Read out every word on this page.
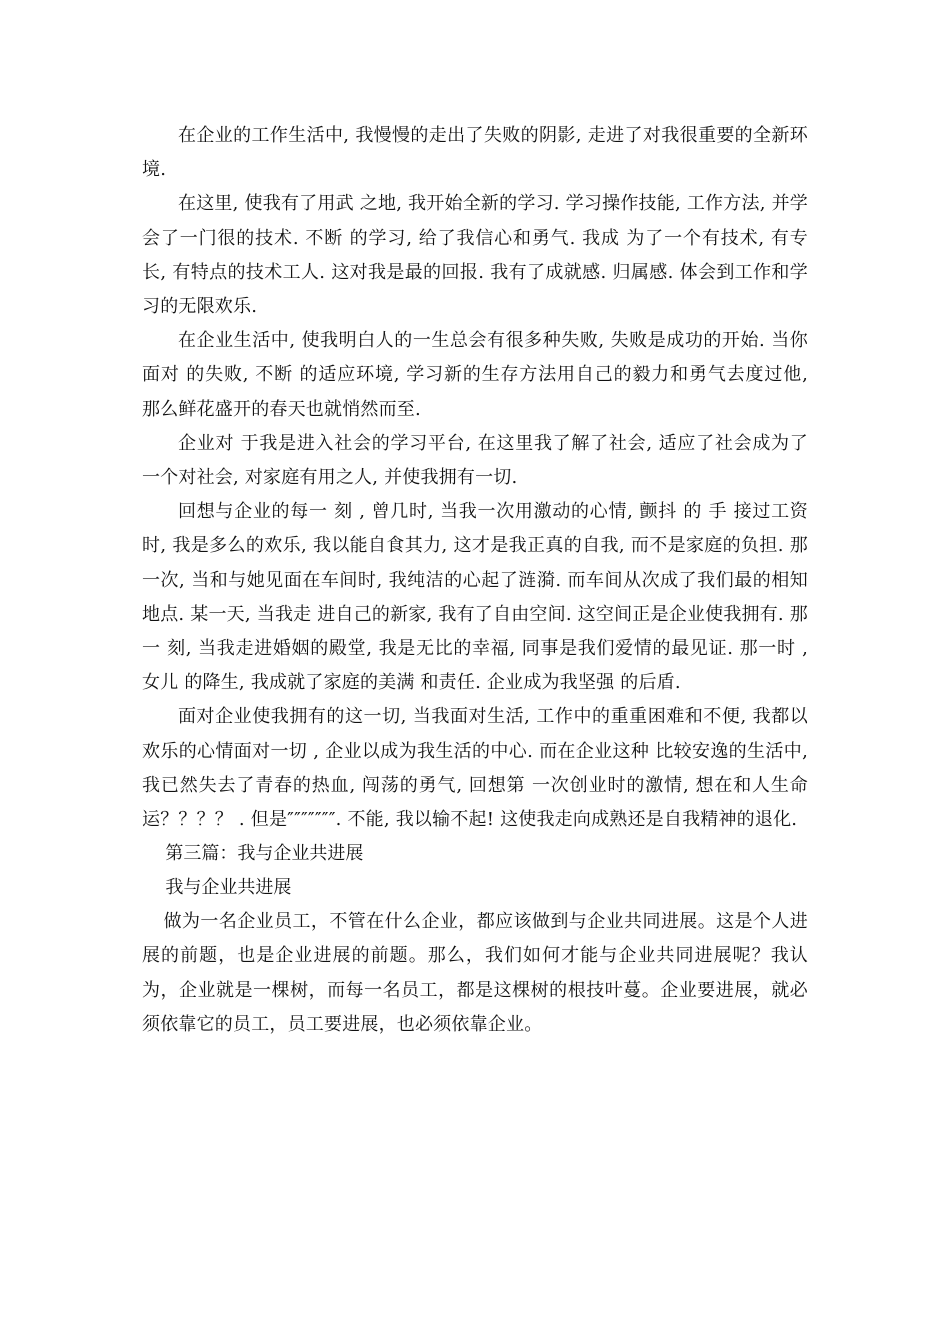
在企业的工作生活中, 我慢慢的走出了失败的阴影, 走进了对我很重要的全新环境.

在这里, 使我有了用武 之地, 我开始全新的学习. 学习操作技能, 工作方法, 并学会了一门很的技术. 不断 的学习, 给了我信心和勇气. 我成 为了一个有技术, 有专 长, 有特点的技术工人. 这对我是最的回报. 我有了成就感. 归属感. 体会到工作和学习的无限欢乐.

在企业生活中, 使我明白人的一生总会有很多种失败, 失败是成功的开始. 当你面对 的失败, 不断 的适应环境, 学习新的生存方法用自己的毅力和勇气去度过他, 那么鲜花盛开的春天也就悄然而至.

企业对 于我是进入社会的学习平台, 在这里我了解了社会, 适应了社会成为了一个对社会, 对家庭有用之人, 并使我拥有一切.

回想与企业的每一 刻 , 曾几时, 当我一次用激动的心情, 颤抖 的 手 接过工资时, 我是多么的欢乐, 我以能自食其力, 这才是我正真的自我, 而不是家庭的负担. 那一次, 当和与她见面在车间时, 我纯洁的心起了涟漪. 而车间从次成了我们最的相知地点. 某一天, 当我走 进自己的新家, 我有了自由空间. 这空间正是企业使我拥有. 那一 刻, 当我走进婚姻的殿堂, 我是无比的幸福, 同事是我们爱情的最见证. 那一时 , 女儿 的降生, 我成就了家庭的美满 和责任. 企业成为我坚强 的后盾.

面对企业使我拥有的这一切, 当我面对生活, 工作中的重重困难和不便, 我都以欢乐的心情面对一切 , 企业以成为我生活的中心. 而在企业这种 比较安逸的生活中, 我已然失去了青春的热血, 闯荡的勇气, 回想第 一次创业时的激情, 想在和人生命运？？？？ . 但是″″″″″″″. 不能, 我以输不起! 这使我走向成熟还是自我精神的退化.

第三篇：我与企业共进展

我与企业共进展

做为一名企业员工，不管在什么企业，都应该做到与企业共同进展。这是个人进展的前题，也是企业进展的前题。那么，我们如何才能与企业共同进展呢？我认为，企业就是一棵树，而每一名员工，都是这棵树的根技叶蔓。企业要进展，就必须依靠它的员工，员工要进展，也必须依靠企业。
